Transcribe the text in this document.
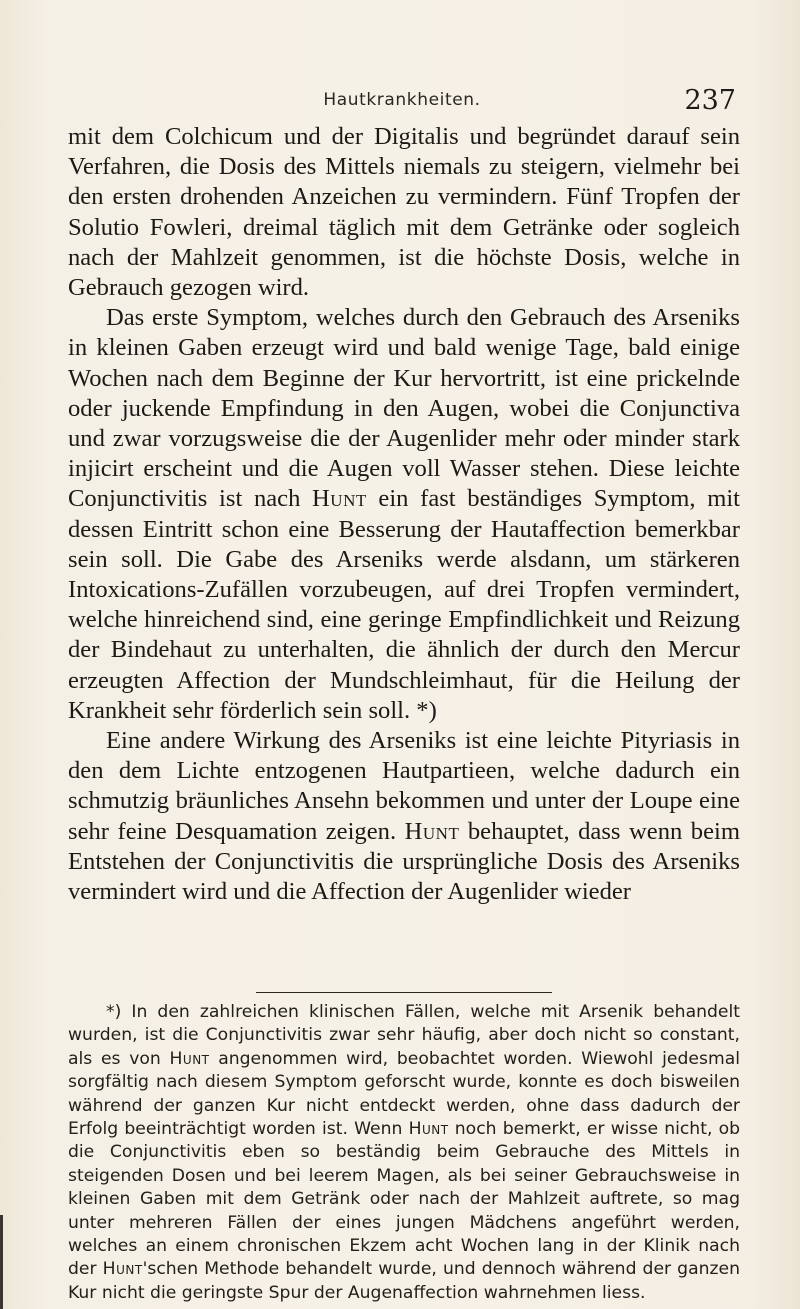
Hautkrankheiten.	237

mit dem Colchicum und der Digitalis und begründet darauf sein Verfahren, die Dosis des Mittels niemals zu steigern, vielmehr bei den ersten drohenden Anzeichen zu vermindern. Fünf Tropfen der Solutio Fowleri, dreimal täglich mit dem Getränke oder sogleich nach der Mahlzeit genommen, ist die höchste Dosis, welche in Gebrauch gezogen wird.

Das erste Symptom, welches durch den Gebrauch des Arseniks in kleinen Gaben erzeugt wird und bald wenige Tage, bald einige Wochen nach dem Beginne der Kur hervortritt, ist eine prickelnde oder juckende Empfindung in den Augen, wobei die Conjunctiva und zwar vorzugsweise die der Augenlider mehr oder minder stark injicirt erscheint und die Augen voll Wasser stehen. Diese leichte Conjunctivitis ist nach Hunt ein fast beständiges Symptom, mit dessen Eintritt schon eine Besserung der Hautaffection bemerkbar sein soll. Die Gabe des Arseniks werde alsdann, um stärkeren Intoxications-Zufällen vorzubeugen, auf drei Tropfen vermindert, welche hinreichend sind, eine geringe Empfindlichkeit und Reizung der Bindehaut zu unterhalten, die ähnlich der durch den Mercur erzeugten Affection der Mundschleimhaut, für die Heilung der Krankheit sehr förderlich sein soll. *)

Eine andere Wirkung des Arseniks ist eine leichte Pityriasis in den dem Lichte entzogenen Hautpartieen, welche dadurch ein schmutzig bräunliches Ansehn bekommen und unter der Loupe eine sehr feine Desquamation zeigen. Hunt behauptet, dass wenn beim Entstehen der Conjunctivitis die ursprüngliche Dosis des Arseniks vermindert wird und die Affection der Augenlider wieder

*) In den zahlreichen klinischen Fällen, welche mit Arsenik behandelt wurden, ist die Conjunctivitis zwar sehr häufig, aber doch nicht so constant, als es von Hunt angenommen wird, beobachtet worden. Wiewohl jedesmal sorgfältig nach diesem Symptom geforscht wurde, konnte es doch bisweilen während der ganzen Kur nicht entdeckt werden, ohne dass dadurch der Erfolg beeinträchtigt worden ist. Wenn Hunt noch bemerkt, er wisse nicht, ob die Conjunctivitis eben so beständig beim Gebrauche des Mittels in steigenden Dosen und bei leerem Magen, als bei seiner Gebrauchsweise in kleinen Gaben mit dem Getränk oder nach der Mahlzeit auftrete, so mag unter mehreren Fällen der eines jungen Mädchens angeführt werden, welches an einem chronischen Ekzem acht Wochen lang in der Klinik nach der Hunt'schen Methode behandelt wurde, und dennoch während der ganzen Kur nicht die geringste Spur der Augenaffection wahrnehmen liess.
